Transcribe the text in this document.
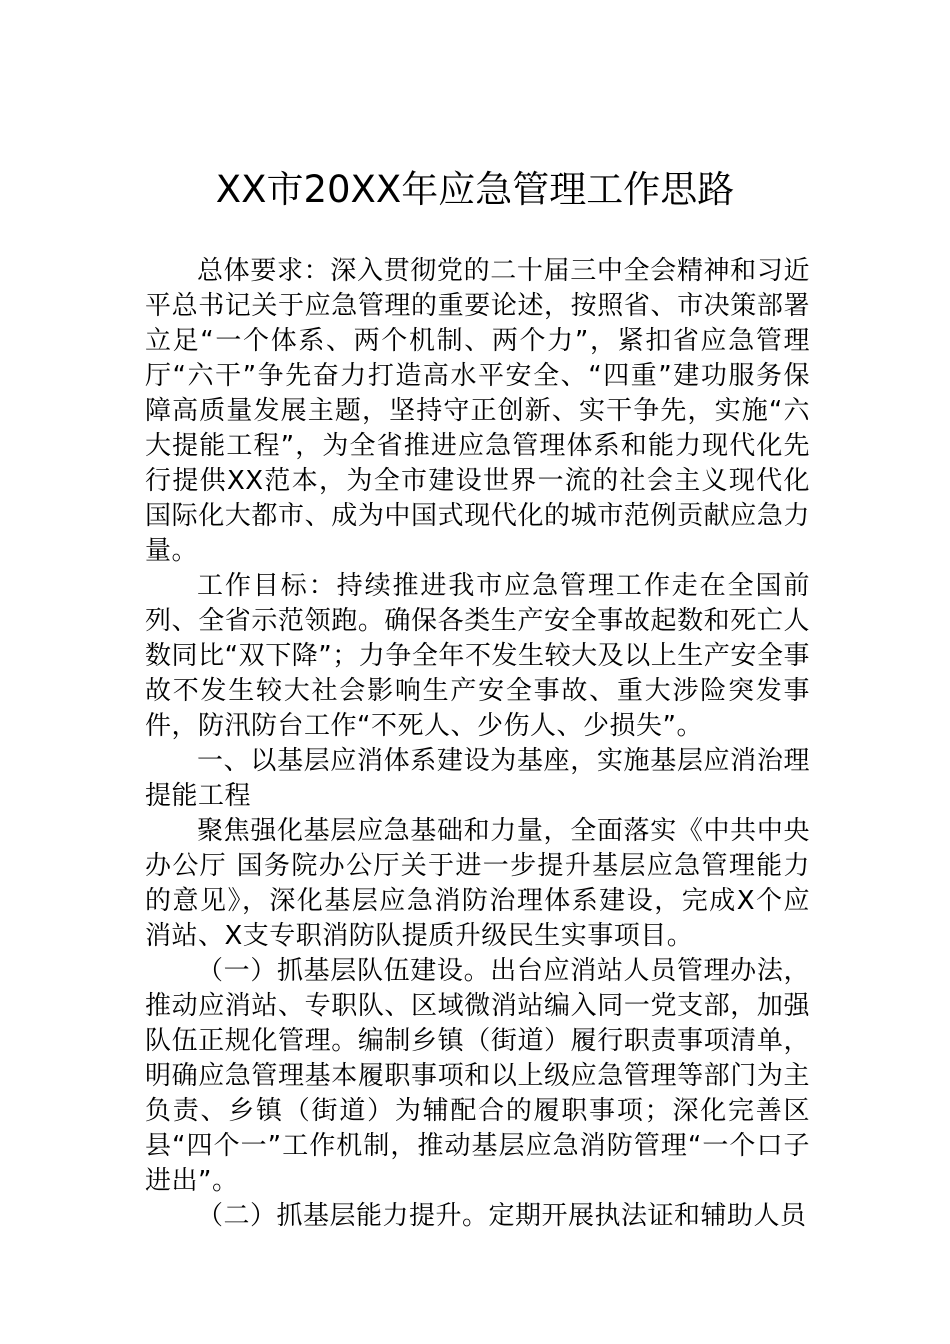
XX市20XX年应急管理工作思路

总体要求：深入贯彻党的二十届三中全会精神和习近平总书记关于应急管理的重要论述，按照省、市决策部署立足“一个体系、两个机制、两个力”，紧扣省应急管理厅“六干”争先奋力打造高水平安全、“四重”建功服务保障高质量发展主题，坚持守正创新、实干争先，实施“六大提能工程”，为全省推进应急管理体系和能力现代化先行提供XX范本，为全市建设世界一流的社会主义现代化国际化大都市、成为中国式现代化的城市范例贡献应急力量。

工作目标：持续推进我市应急管理工作走在全国前列、全省示范领跑。确保各类生产安全事故起数和死亡人数同比“双下降”；力争全年不发生较大及以上生产安全事故不发生较大社会影响生产安全事故、重大涉险突发事件，防汛防台工作“不死人、少伤人、少损失”。

一、以基层应消体系建设为基座，实施基层应消治理提能工程

聚焦强化基层应急基础和力量，全面落实《中共中央办公厅 国务院办公厅关于进一步提升基层应急管理能力的意见》，深化基层应急消防治理体系建设，完成X个应消站、X支专职消防队提质升级民生实事项目。

（一）抓基层队伍建设。出台应消站人员管理办法，推动应消站、专职队、区域微消站编入同一党支部，加强队伍正规化管理。编制乡镇（街道）履行职责事项清单，明确应急管理基本履职事项和以上级应急管理等部门为主负责、乡镇（街道）为辅配合的履职事项；深化完善区县“四个一”工作机制，推动基层应急消防管理“一个口子进出”。

（二）抓基层能力提升。定期开展执法证和辅助人员
